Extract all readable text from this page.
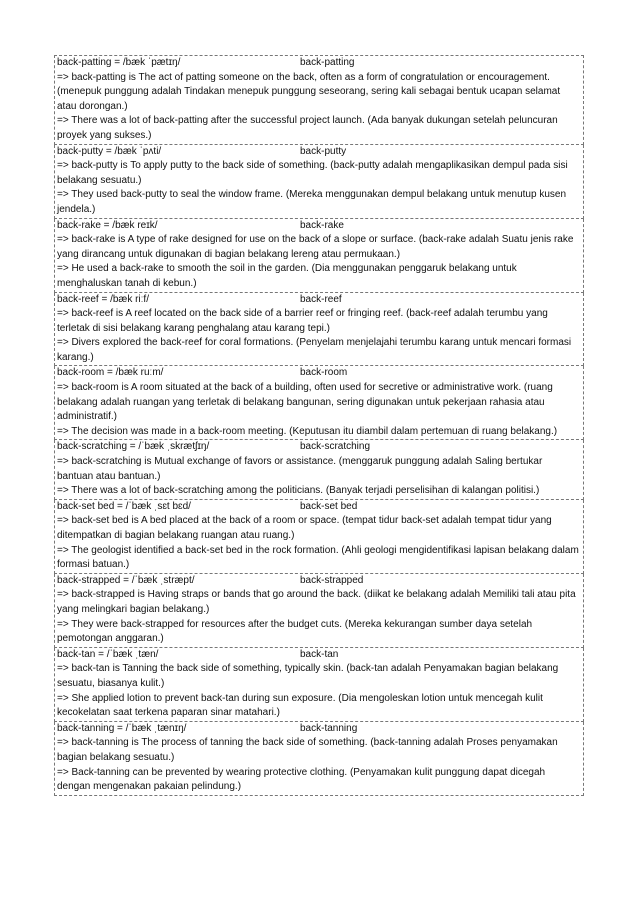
back-patting = /bæk ˈpætɪŋ/	back-patting

=> back-patting is The act of patting someone on the back, often as a form of congratulation or encouragement. (menepuk punggung adalah Tindakan menepuk punggung seseorang, sering kali sebagai bentuk ucapan selamat atau dorongan.)

=> There was a lot of back-patting after the successful project launch. (Ada banyak dukungan setelah peluncuran proyek yang sukses.)

back-putty = /bæk ˈpʌti/	back-putty

=> back-putty is To apply putty to the back side of something. (back-putty adalah mengaplikasikan dempul pada sisi belakang sesuatu.)

=> They used back-putty to seal the window frame. (Mereka menggunakan dempul belakang untuk menutup kusen jendela.)

back-rake = /bæk reɪk/	back-rake

=> back-rake is A type of rake designed for use on the back of a slope or surface. (back-rake adalah Suatu jenis rake yang dirancang untuk digunakan di bagian belakang lereng atau permukaan.)

=> He used a back-rake to smooth the soil in the garden. (Dia menggunakan penggaruk belakang untuk menghaluskan tanah di kebun.)

back-reef = /bæk riːf/	back-reef

=> back-reef is A reef located on the back side of a barrier reef or fringing reef. (back-reef adalah terumbu yang terletak di sisi belakang karang penghalang atau karang tepi.)

=> Divers explored the back-reef for coral formations. (Penyelam menjelajahi terumbu karang untuk mencari formasi karang.)

back-room = /bæk ruːm/	back-room

=> back-room is A room situated at the back of a building, often used for secretive or administrative work. (ruang belakang adalah ruangan yang terletak di belakang bangunan, sering digunakan untuk pekerjaan rahasia atau administratif.)

=> The decision was made in a back-room meeting. (Keputusan itu diambil dalam pertemuan di ruang belakang.)

back-scratching = /ˈbæk ˌskrætʃɪŋ/	back-scratching

=> back-scratching is Mutual exchange of favors or assistance. (menggaruk punggung adalah Saling bertukar bantuan atau bantuan.)

=> There was a lot of back-scratching among the politicians. (Banyak terjadi perselisihan di kalangan politisi.)

back-set bed = /ˈbæk ˌsɛt bɛd/	back-set bed

=> back-set bed is A bed placed at the back of a room or space. (tempat tidur back-set adalah tempat tidur yang ditempatkan di bagian belakang ruangan atau ruang.)

=> The geologist identified a back-set bed in the rock formation. (Ahli geologi mengidentifikasi lapisan belakang dalam formasi batuan.)

back-strapped = /ˈbæk ˌstræpt/	back-strapped

=> back-strapped is Having straps or bands that go around the back. (diikat ke belakang adalah Memiliki tali atau pita yang melingkari bagian belakang.)

=> They were back-strapped for resources after the budget cuts. (Mereka kekurangan sumber daya setelah pemotongan anggaran.)

back-tan = /ˈbæk ˌtæn/	back-tan

=> back-tan is Tanning the back side of something, typically skin. (back-tan adalah Penyamakan bagian belakang sesuatu, biasanya kulit.)

=> She applied lotion to prevent back-tan during sun exposure. (Dia mengoleskan lotion untuk mencegah kulit kecokelatan saat terkena paparan sinar matahari.)

back-tanning = /ˈbæk ˌtænɪŋ/	back-tanning

=> back-tanning is The process of tanning the back side of something. (back-tanning adalah Proses penyamakan bagian belakang sesuatu.)

=> Back-tanning can be prevented by wearing protective clothing. (Penyamakan kulit punggung dapat dicegah dengan mengenakan pakaian pelindung.)
